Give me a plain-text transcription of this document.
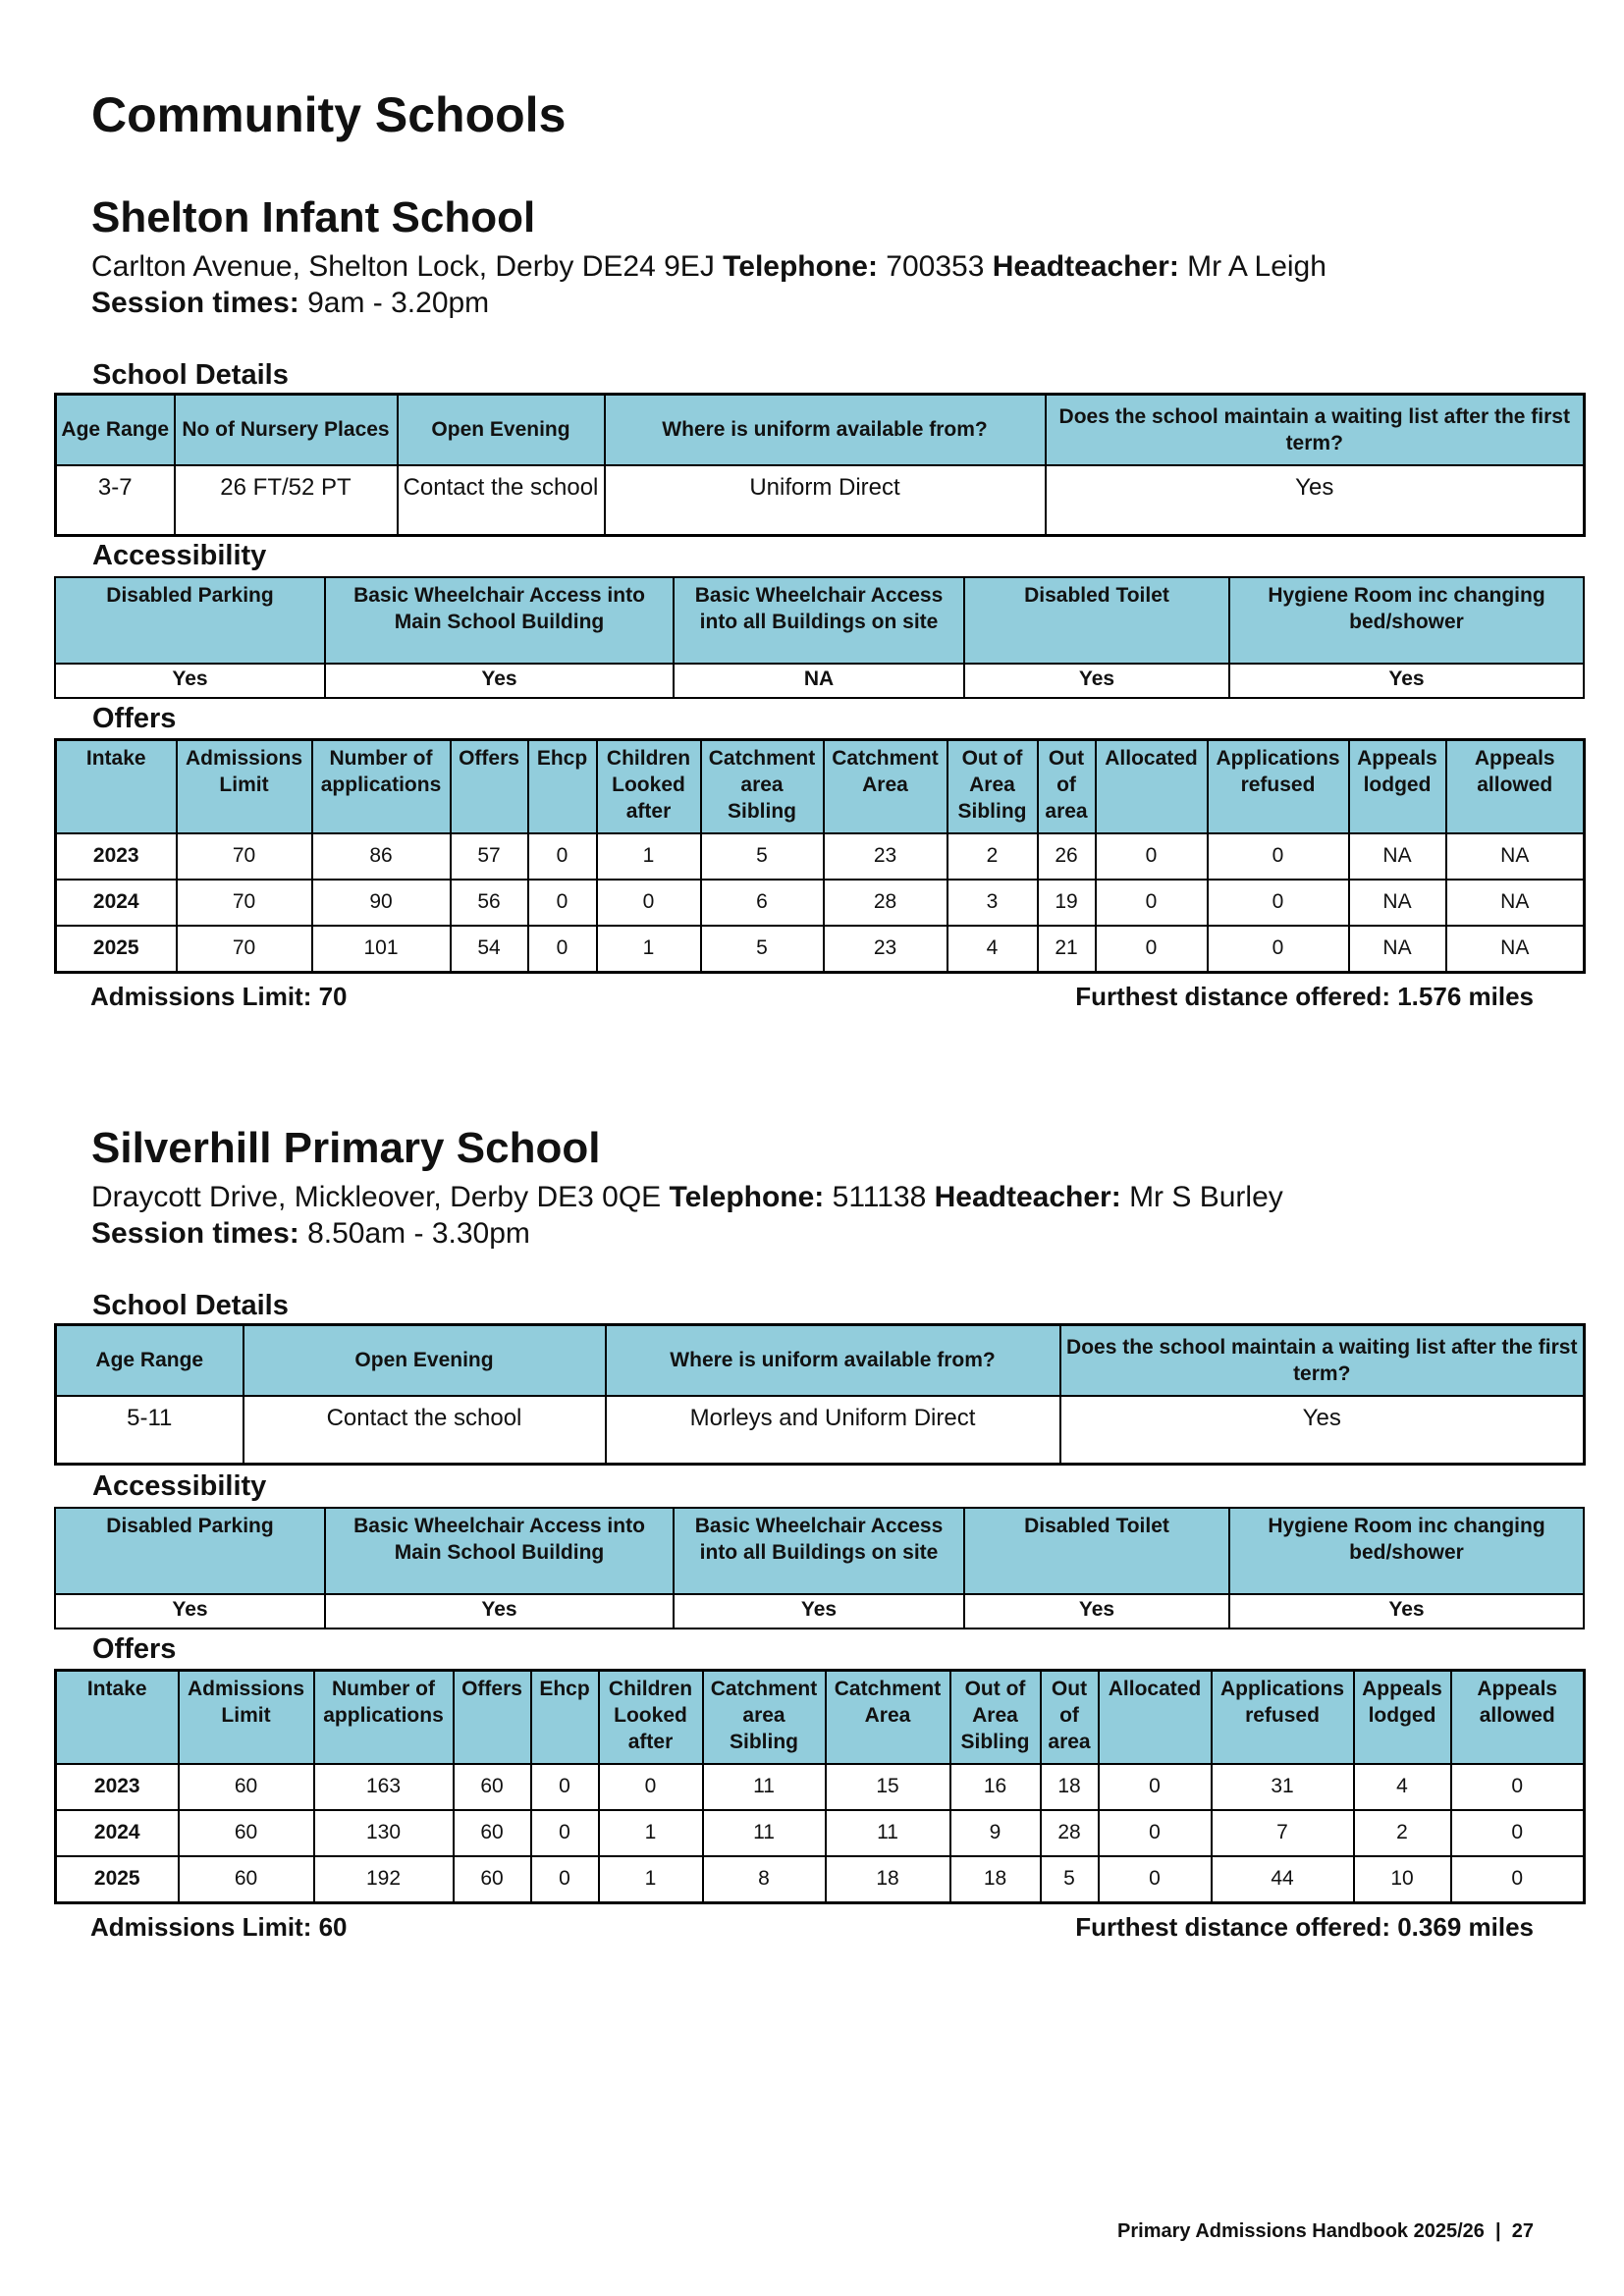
Community Schools
Shelton Infant School
Carlton Avenue, Shelton Lock, Derby DE24 9EJ Telephone: 700353 Headteacher: Mr A Leigh
Session times: 9am - 3.20pm
School Details
Age Range	No of Nursery Places	Open Evening	Where is uniform available from?	Does the school maintain a waiting list after the first term?
3-7	26 FT/52 PT	Contact the school	Uniform Direct	Yes
Accessibility
Disabled Parking	Basic Wheelchair Access into Main School Building	Basic Wheelchair Access into all Buildings on site	Disabled Toilet	Hygiene Room inc changing bed/shower
Yes	Yes	NA	Yes	Yes
Offers
Intake	Admissions Limit	Number of applications	Offers	Ehcp	Children Looked after	Catchment area Sibling	Catchment Area	Out of Area Sibling	Out of area	Allocated	Applications refused	Appeals lodged	Appeals allowed
2023	70	86	57	0	1	5	23	2	26	0	0	NA	NA
2024	70	90	56	0	0	6	28	3	19	0	0	NA	NA
2025	70	101	54	0	1	5	23	4	21	0	0	NA	NA
Admissions Limit: 70	Furthest distance offered: 1.576 miles
Silverhill Primary School
Draycott Drive, Mickleover, Derby DE3 0QE Telephone: 511138 Headteacher: Mr S Burley
Session times: 8.50am - 3.30pm
School Details
Age Range	Open Evening	Where is uniform available from?	Does the school maintain a waiting list after the first term?
5-11	Contact the school	Morleys and Uniform Direct	Yes
Accessibility
Disabled Parking	Basic Wheelchair Access into Main School Building	Basic Wheelchair Access into all Buildings on site	Disabled Toilet	Hygiene Room inc changing bed/shower
Yes	Yes	Yes	Yes	Yes
Offers
Intake	Admissions Limit	Number of applications	Offers	Ehcp	Children Looked after	Catchment area Sibling	Catchment Area	Out of Area Sibling	Out of area	Allocated	Applications refused	Appeals lodged	Appeals allowed
2023	60	163	60	0	0	11	15	16	18	0	31	4	0
2024	60	130	60	0	1	11	11	9	28	0	7	2	0
2025	60	192	60	0	1	8	18	18	5	0	44	10	0
Admissions Limit: 60	Furthest distance offered: 0.369 miles
Primary Admissions Handbook 2025/26 | 27
